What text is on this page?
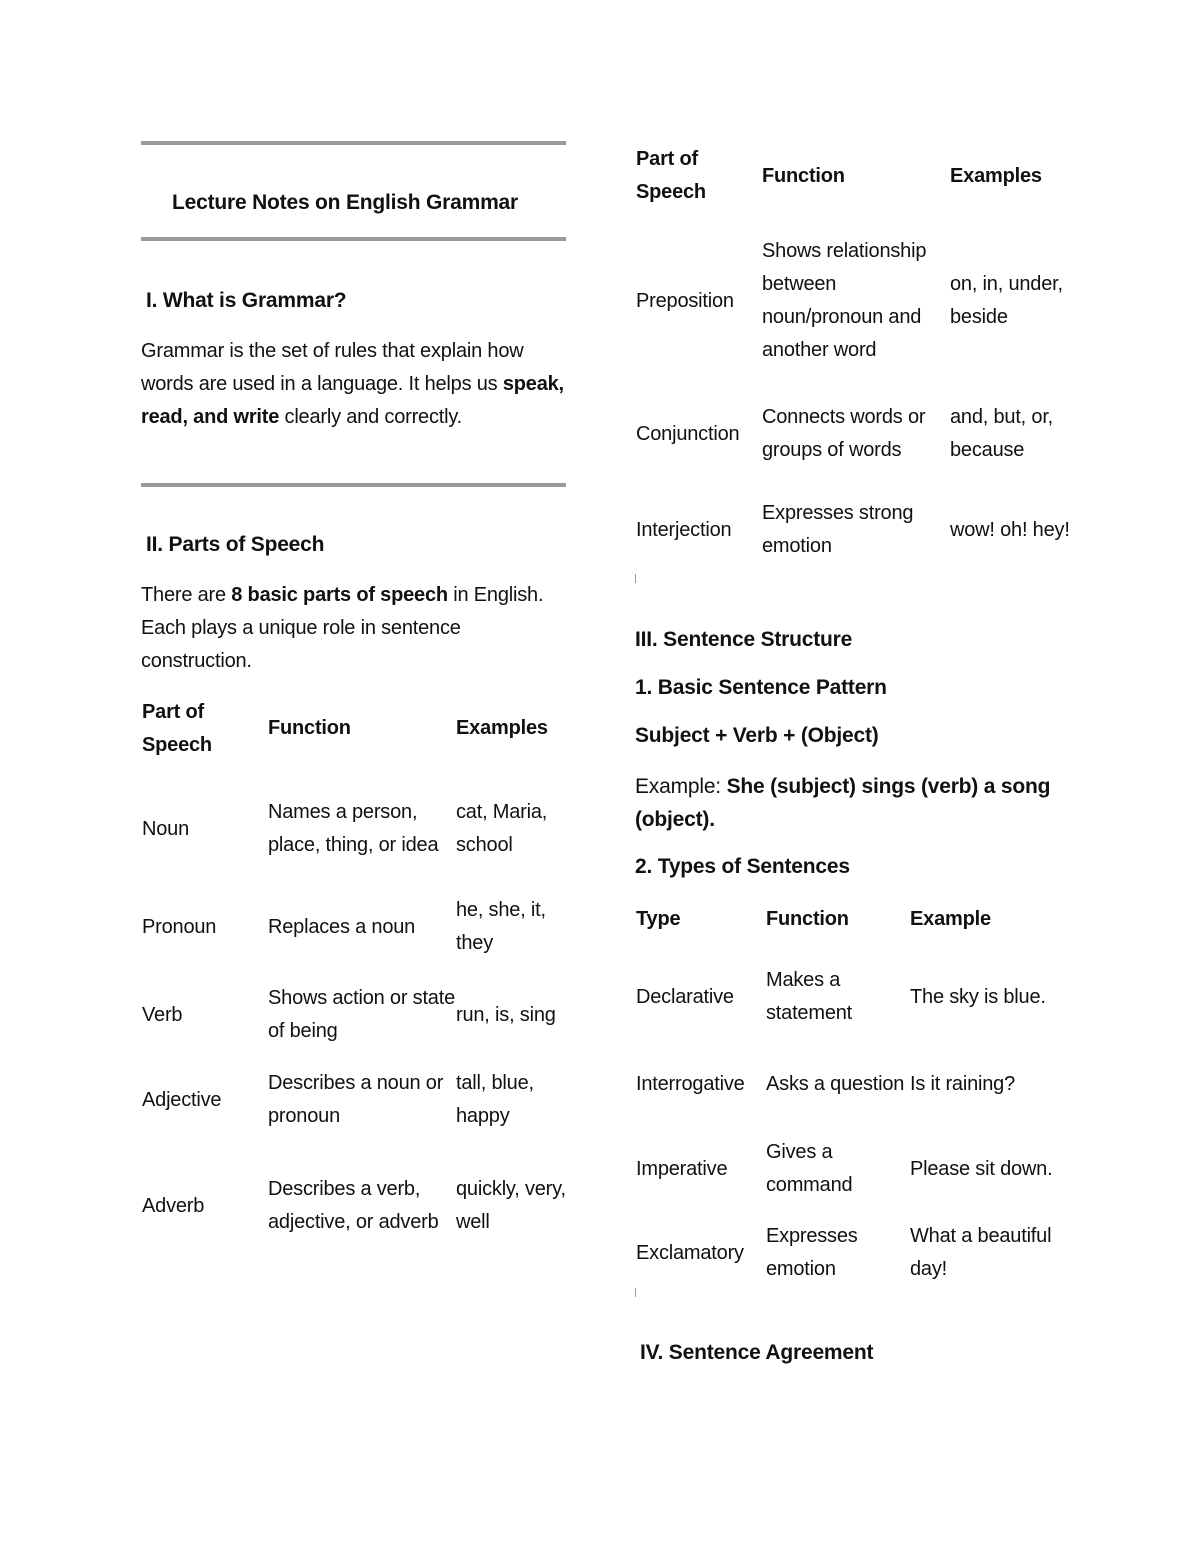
Lecture Notes on English Grammar
I. What is Grammar?
Grammar is the set of rules that explain how words are used in a language. It helps us speak, read, and write clearly and correctly.
II. Parts of Speech
There are 8 basic parts of speech in English. Each plays a unique role in sentence construction.
Part of Speech	Function	Examples
Noun	Names a person, place, thing, or idea	cat, Maria, school
Pronoun	Replaces a noun	he, she, it, they
Verb	Shows action or state of being	run, is, sing
Adjective	Describes a noun or pronoun	tall, blue, happy
Adverb	Describes a verb, adjective, or adverb	quickly, very, well
Part of Speech	Function	Examples
Preposition	Shows relationship between noun/pronoun and another word	on, in, under, beside
Conjunction	Connects words or groups of words	and, but, or, because
Interjection	Expresses strong emotion	wow! oh! hey!
III. Sentence Structure
1. Basic Sentence Pattern
Subject + Verb + (Object)
Example: She (subject) sings (verb) a song (object).
2. Types of Sentences
Type	Function	Example
Declarative	Makes a statement	The sky is blue.
Interrogative	Asks a question	Is it raining?
Imperative	Gives a command	Please sit down.
Exclamatory	Expresses emotion	What a beautiful day!
IV. Sentence Agreement
